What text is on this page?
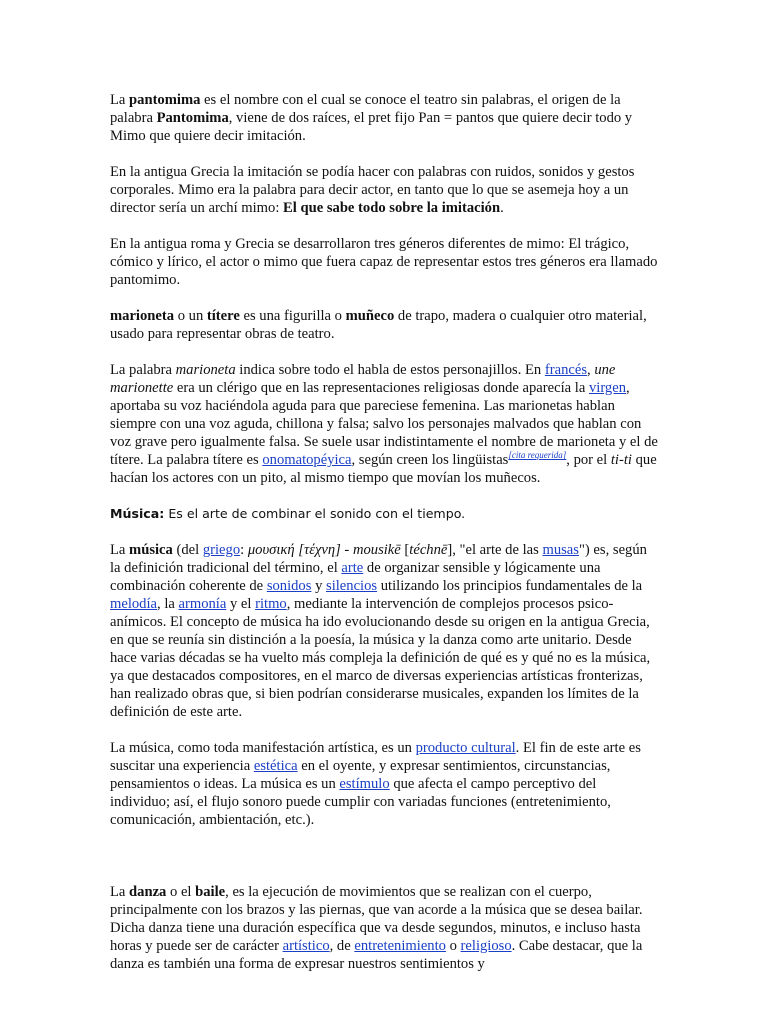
La pantomima es el nombre con el cual se conoce el teatro sin palabras, el origen de la palabra Pantomima, viene de dos raíces, el pret fijo Pan = pantos que quiere decir todo y Mimo que quiere decir imitación.

En la antigua Grecia la imitación se podía hacer con palabras con ruidos, sonidos y gestos corporales. Mimo era la palabra para decir actor, en tanto que lo que se asemeja hoy a un director sería un archí mimo: El que sabe todo sobre la imitación.

En la antigua roma y Grecia se desarrollaron tres géneros diferentes de mimo: El trágico, cómico y lírico, el actor o mimo que fuera capaz de representar estos tres géneros era llamado pantomimo.

marioneta o un títere es una figurilla o muñeco de trapo, madera o cualquier otro material, usado para representar obras de teatro.

La palabra marioneta indica sobre todo el habla de estos personajillos. En francés, une marionette era un clérigo que en las representaciones religiosas donde aparecía la virgen, aportaba su voz haciéndola aguda para que pareciese femenina. Las marionetas hablan siempre con una voz aguda, chillona y falsa; salvo los personajes malvados que hablan con voz grave pero igualmente falsa. Se suele usar indistintamente el nombre de marioneta y el de títere. La palabra títere es onomatopéyica, según creen los lingüistas[cita requerida], por el ti-ti que hacían los actores con un pito, al mismo tiempo que movían los muñecos.

Música: Es el arte de combinar el sonido con el tiempo.

La música (del griego: μουσική [τέχνη] - mousikē [téchnē], "el arte de las musas") es, según la definición tradicional del término, el arte de organizar sensible y lógicamente una combinación coherente de sonidos y silencios utilizando los principios fundamentales de la melodía, la armonía y el ritmo, mediante la intervención de complejos procesos psico-anímicos. El concepto de música ha ido evolucionando desde su origen en la antigua Grecia, en que se reunía sin distinción a la poesía, la música y la danza como arte unitario. Desde hace varias décadas se ha vuelto más compleja la definición de qué es y qué no es la música, ya que destacados compositores, en el marco de diversas experiencias artísticas fronterizas, han realizado obras que, si bien podrían considerarse musicales, expanden los límites de la definición de este arte.

La música, como toda manifestación artística, es un producto cultural. El fin de este arte es suscitar una experiencia estética en el oyente, y expresar sentimientos, circunstancias, pensamientos o ideas. La música es un estímulo que afecta el campo perceptivo del individuo; así, el flujo sonoro puede cumplir con variadas funciones (entretenimiento, comunicación, ambientación, etc.).

La danza o el baile, es la ejecución de movimientos que se realizan con el cuerpo, principalmente con los brazos y las piernas, que van acorde a la música que se desea bailar. Dicha danza tiene una duración específica que va desde segundos, minutos, e incluso hasta horas y puede ser de carácter artístico, de entretenimiento o religioso. Cabe destacar, que la danza es también una forma de expresar nuestros sentimientos y
